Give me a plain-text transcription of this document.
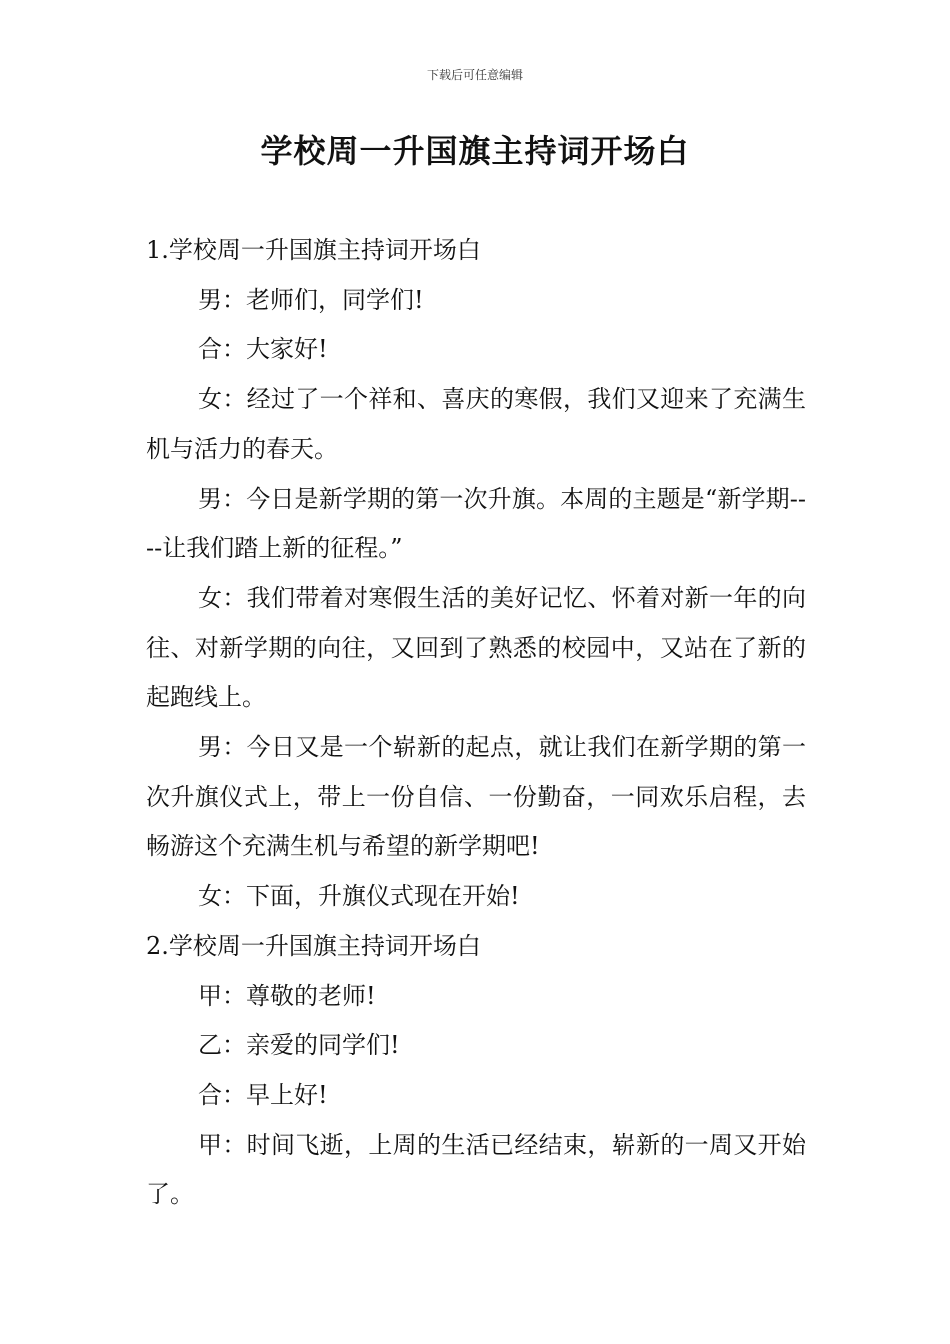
下载后可任意编辑
学校周一升国旗主持词开场白

1.学校周一升国旗主持词开场白

男：老师们，同学们!

合：大家好!

女：经过了一个祥和、喜庆的寒假，我们又迎来了充满生机与活力的春天。

男：今日是新学期的第一次升旗。本周的主题是“新学期----让我们踏上新的征程。”

女：我们带着对寒假生活的美好记忆、怀着对新一年的向往、对新学期的向往，又回到了熟悉的校园中，又站在了新的起跑线上。

男：今日又是一个崭新的起点，就让我们在新学期的第一次升旗仪式上，带上一份自信、一份勤奋，一同欢乐启程，去畅游这个充满生机与希望的新学期吧!

女：下面，升旗仪式现在开始!

2.学校周一升国旗主持词开场白

甲：尊敬的老师!

乙：亲爱的同学们!

合：早上好!

甲：时间飞逝，上周的生活已经结束，崭新的一周又开始了。
